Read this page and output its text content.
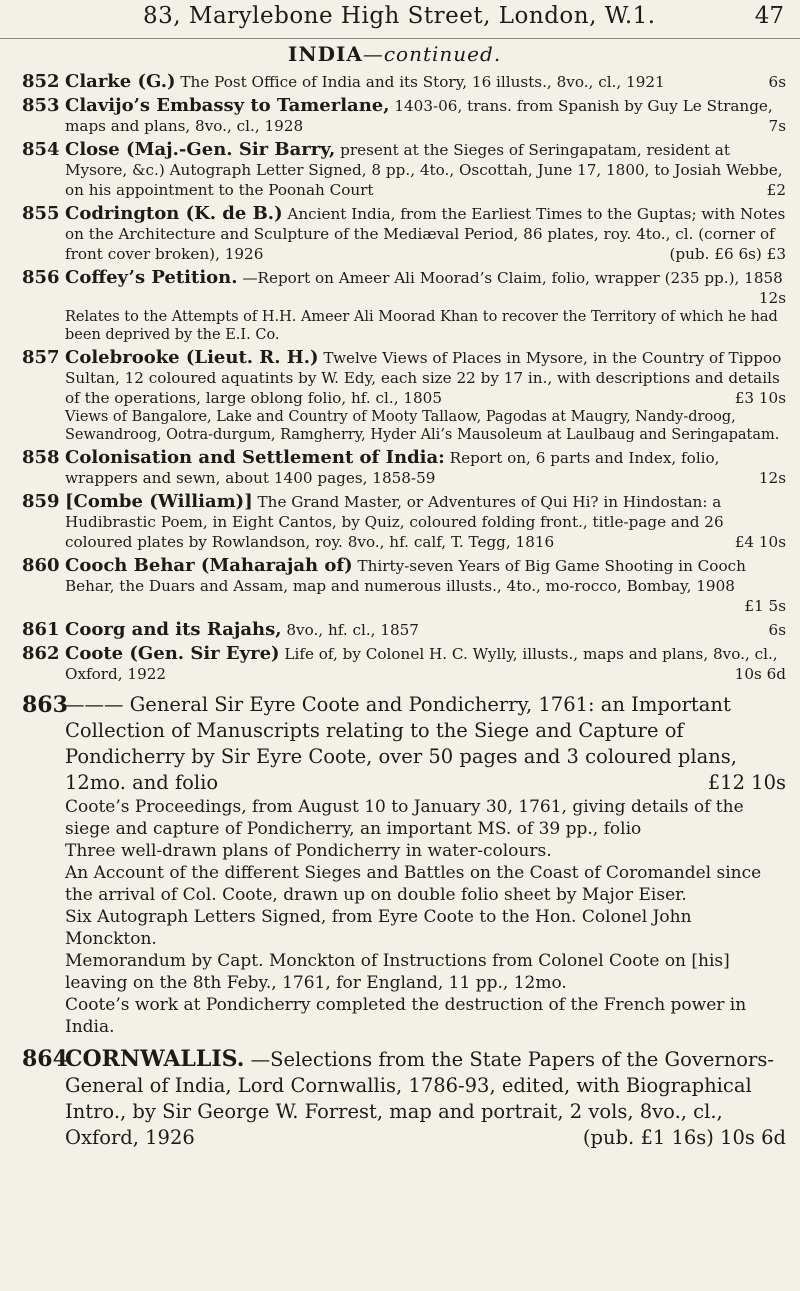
83, Marylebone High Street, London, W.1.	47
INDIA—continued.
852 Clarke (G.) The Post Office of India and its Story, 16 illusts., 8vo., cl., 1921	6s
853 Clavijo’s Embassy to Tamerlane, 1403-06, trans. from Spanish by Guy Le Strange, maps and plans, 8vo., cl., 1928	7s
854 Close (Maj.-Gen. Sir Barry, present at the Sieges of Seringapatam, resident at Mysore, &c.) Autograph Letter Signed, 8 pp., 4to., Oscottah, June 17, 1800, to Josiah Webbe, on his appointment to the Poonah Court	£2
855 Codrington (K. de B.) Ancient India, from the Earliest Times to the Guptas; with Notes on the Architecture and Sculpture of the Mediæval Period, 86 plates, roy. 4to., cl. (corner of front cover broken), 1926	(pub. £6 6s) £3
856 Coffey’s Petition. —Report on Ameer Ali Moorad’s Claim, folio, wrapper (235 pp.), 1858
12s
Relates to the Attempts of H.H. Ameer Ali Moorad Khan to recover the Territory of which he had been deprived by the E.I. Co.
857 Colebrooke (Lieut. R. H.) Twelve Views of Places in Mysore, in the Country of Tippoo Sultan, 12 coloured aquatints by W. Edy, each size 22 by 17 in., with descriptions and details of the operations, large oblong folio, hf. cl., 1805	£3 10s
Views of Bangalore, Lake and Country of Mooty Tallaow, Pagodas at Maugry, Nandy-droog, Sewandroog, Ootra-durgum, Ramgherry, Hyder Ali’s Mausoleum at Laulbaug and Seringapatam.
858 Colonisation and Settlement of India: Report on, 6 parts and Index, folio, wrappers and sewn, about 1400 pages, 1858-59	12s
859 [Combe (William)] The Grand Master, or Adventures of Qui Hi? in Hindostan: a Hudibrastic Poem, in Eight Cantos, by Quiz, coloured folding front., title-page and 26 coloured plates by Rowlandson, roy. 8vo., hf. calf, T. Tegg, 1816	£4 10s
860 Cooch Behar (Maharajah of) Thirty-seven Years of Big Game Shooting in Cooch Behar, the Duars and Assam, map and numerous illusts., 4to., mo-rocco, Bombay, 1908
£1 5s
861 Coorg and its Rajahs, 8vo., hf. cl., 1857	6s
862 Coote (Gen. Sir Eyre) Life of, by Colonel H. C. Wylly, illusts., maps and plans, 8vo., cl., Oxford, 1922	10s 6d
863
——— General Sir Eyre Coote and Pondicherry, 1761: an Important Collection of Manuscripts relating to the Siege and Capture of Pondicherry by Sir Eyre Coote, over 50 pages and 3 coloured plans, 12mo. and folio	£12 10s
Coote’s Proceedings, from August 10 to January 30, 1761, giving details of the siege and capture of Pondicherry, an important MS. of 39 pp., folio
Three well-drawn plans of Pondicherry in water-colours.
An Account of the different Sieges and Battles on the Coast of Coromandel since the arrival of Col. Coote, drawn up on double folio sheet by Major Eiser.
Six Autograph Letters Signed, from Eyre Coote to the Hon. Colonel John Monckton.
Memorandum by Capt. Monckton of Instructions from Colonel Coote on [his] leaving on the 8th Feby., 1761, for England, 11 pp., 12mo.
Coote’s work at Pondicherry completed the destruction of the French power in India.
864
CORNWALLIS. —Selections from the State Papers of the Governors-General of India, Lord Cornwallis, 1786-93, edited, with Biographical Intro., by Sir George W. Forrest, map and portrait, 2 vols, 8vo., cl., Oxford, 1926	(pub. £1 16s) 10s 6d
